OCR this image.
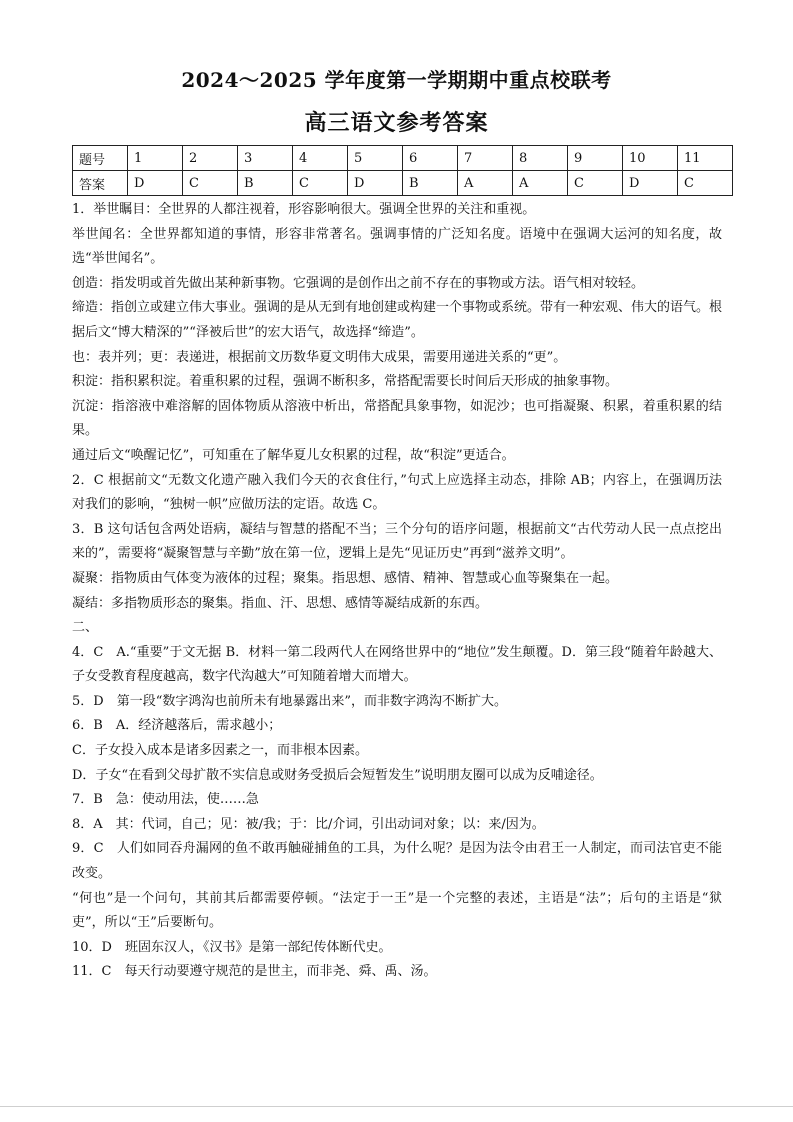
2024～2025 学年度第一学期期中重点校联考
高三语文参考答案
题号	1	2	3	4	5	6	7	8	9	10	11
答案	D	C	B	C	D	B	A	A	C	D	C

1．举世瞩目：全世界的人都注视着，形容影响很大。强调全世界的关注和重视。

举世闻名：全世界都知道的事情，形容非常著名。强调事情的广泛知名度。语境中在强调大运河的知名度，故选“举世闻名”。

创造：指发明或首先做出某种新事物。它强调的是创作出之前不存在的事物或方法。语气相对较轻。

缔造：指创立或建立伟大事业。强调的是从无到有地创建或构建一个事物或系统。带有一种宏观、伟大的语气。根据后文“博大精深的”“泽被后世”的宏大语气，故选择“缔造”。

也：表并列；更：表递进，根据前文历数华夏文明伟大成果，需要用递进关系的“更”。

积淀：指积累积淀。着重积累的过程，强调不断积多，常搭配需要长时间后天形成的抽象事物。

沉淀：指溶液中难溶解的固体物质从溶液中析出，常搭配具象事物，如泥沙；也可指凝聚、积累，着重积累的结果。

通过后文“唤醒记忆”，可知重在了解华夏儿女积累的过程，故“积淀”更适合。

2．C 根据前文“无数文化遗产融入我们今天的衣食住行，”句式上应选择主动态，排除 AB；内容上，在强调历法对我们的影响，“独树一帜”应做历法的定语。故选 C。

3．B 这句话包含两处语病，凝结与智慧的搭配不当；三个分句的语序问题，根据前文“古代劳动人民一点点挖出来的”，需要将“凝聚智慧与辛勤”放在第一位，逻辑上是先“见证历史”再到“滋养文明”。

凝聚：指物质由气体变为液体的过程；聚集。指思想、感情、精神、智慧或心血等聚集在一起。

凝结：多指物质形态的聚集。指血、汗、思想、感情等凝结成新的东西。

二、

4．C　A.“重要”于文无据 B．材料一第二段两代人在网络世界中的“地位”发生颠覆。D．第三段“随着年龄越大、子女受教育程度越高，数字代沟越大”可知随着增大而增大。

5．D　第一段“数字鸿沟也前所未有地暴露出来”，而非数字鸿沟不断扩大。

6．B　A．经济越落后，需求越小；

C．子女投入成本是诸多因素之一，而非根本因素。

D．子女“在看到父母扩散不实信息或财务受损后会短暂发生”说明朋友圈可以成为反哺途径。

7．B　急：使动用法，使……急

8．A　其：代词，自己；见：被/我；于：比/介词，引出动词对象；以：来/因为。

9．C　人们如同吞舟漏网的鱼不敢再触碰捕鱼的工具，为什么呢？是因为法令由君王一人制定，而司法官吏不能改变。

“何也”是一个问句，其前其后都需要停顿。“法定于一王”是一个完整的表述，主语是“法”；后句的主语是“狱吏”，所以“王”后要断句。

10．D　班固东汉人，《汉书》是第一部纪传体断代史。

11．C　每天行动要遵守规范的是世主，而非尧、舜、禹、汤。
